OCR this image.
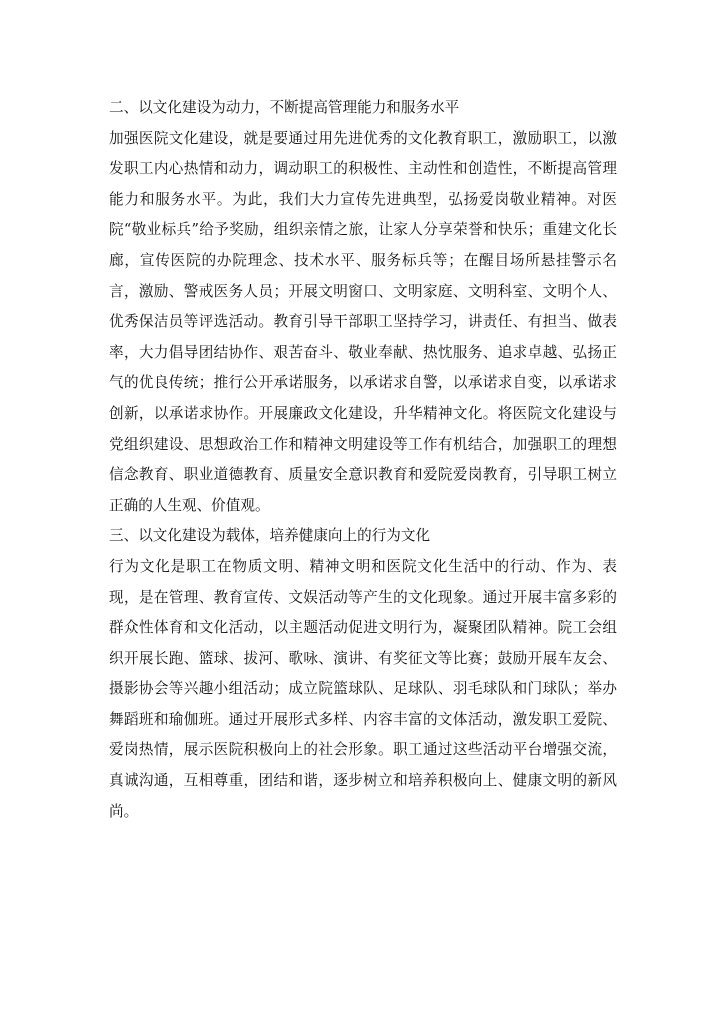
二、以文化建设为动力，不断提高管理能力和服务水平

加强医院文化建设，就是要通过用先进优秀的文化教育职工，激励职工，以激发职工内心热情和动力，调动职工的积极性、主动性和创造性，不断提高管理能力和服务水平。为此，我们大力宣传先进典型，弘扬爱岗敬业精神。对医院“敬业标兵”给予奖励，组织亲情之旅，让家人分享荣誉和快乐；重建文化长廊，宣传医院的办院理念、技术水平、服务标兵等；在醒目场所悬挂警示名言，激励、警戒医务人员；开展文明窗口、文明家庭、文明科室、文明个人、优秀保洁员等评选活动。教育引导干部职工坚持学习，讲责任、有担当、做表率，大力倡导团结协作、艰苦奋斗、敬业奉献、热忱服务、追求卓越、弘扬正气的优良传统；推行公开承诺服务，以承诺求自警，以承诺求自变，以承诺求创新，以承诺求协作。开展廉政文化建设，升华精神文化。将医院文化建设与党组织建设、思想政治工作和精神文明建设等工作有机结合，加强职工的理想信念教育、职业道德教育、质量安全意识教育和爱院爱岗教育，引导职工树立正确的人生观、价值观。

三、以文化建设为载体，培养健康向上的行为文化

行为文化是职工在物质文明、精神文明和医院文化生活中的行动、作为、表现，是在管理、教育宣传、文娱活动等产生的文化现象。通过开展丰富多彩的群众性体育和文化活动，以主题活动促进文明行为，凝聚团队精神。院工会组织开展长跑、篮球、拔河、歌咏、演讲、有奖征文等比赛；鼓励开展车友会、摄影协会等兴趣小组活动；成立院篮球队、足球队、羽毛球队和门球队；举办舞蹈班和瑜伽班。通过开展形式多样、内容丰富的文体活动，激发职工爱院、爱岗热情，展示医院积极向上的社会形象。职工通过这些活动平台增强交流，真诚沟通，互相尊重，团结和谐，逐步树立和培养积极向上、健康文明的新风尚。
